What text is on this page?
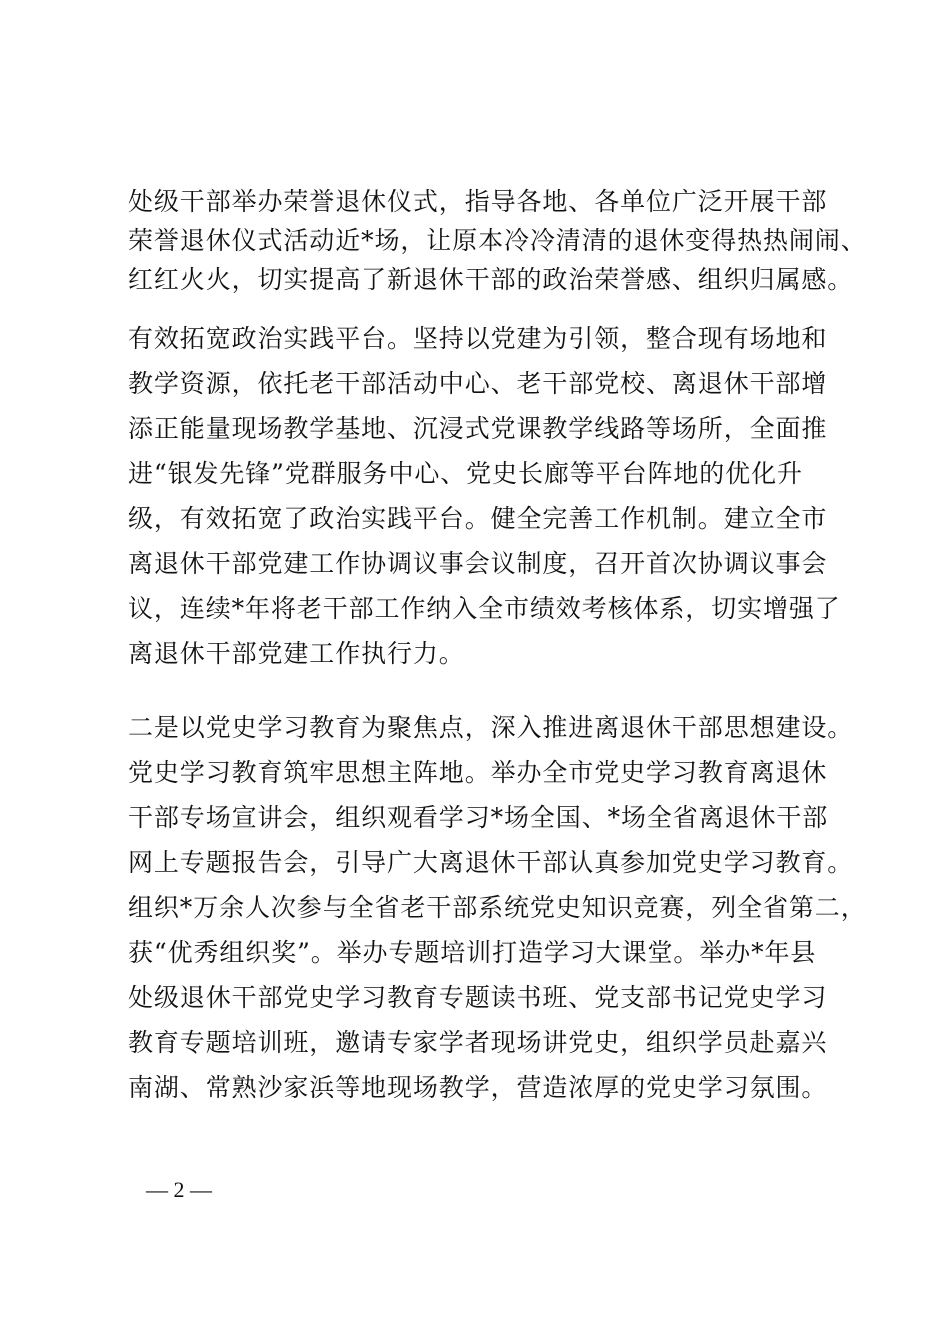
处级干部举办荣誉退休仪式，指导各地、各单位广泛开展干部
荣誉退休仪式活动近*场，让原本冷冷清清的退休变得热热闹闹、
红红火火，切实提高了新退休干部的政治荣誉感、组织归属感。
有效拓宽政治实践平台。坚持以党建为引领，整合现有场地和
教学资源，依托老干部活动中心、老干部党校、离退休干部增
添正能量现场教学基地、沉浸式党课教学线路等场所，全面推
进“银发先锋”党群服务中心、党史长廊等平台阵地的优化升
级，有效拓宽了政治实践平台。健全完善工作机制。建立全市
离退休干部党建工作协调议事会议制度，召开首次协调议事会
议，连续*年将老干部工作纳入全市绩效考核体系，切实增强了
离退休干部党建工作执行力。
二是以党史学习教育为聚焦点，深入推进离退休干部思想建设。
党史学习教育筑牢思想主阵地。举办全市党史学习教育离退休
干部专场宣讲会，组织观看学习*场全国、*场全省离退休干部
网上专题报告会，引导广大离退休干部认真参加党史学习教育。
组织*万余人次参与全省老干部系统党史知识竞赛，列全省第二，
获“优秀组织奖”。举办专题培训打造学习大课堂。举办*年县
处级退休干部党史学习教育专题读书班、党支部书记党史学习
教育专题培训班，邀请专家学者现场讲党史，组织学员赴嘉兴
南湖、常熟沙家浜等地现场教学，营造浓厚的党史学习氛围。
— 2 —
